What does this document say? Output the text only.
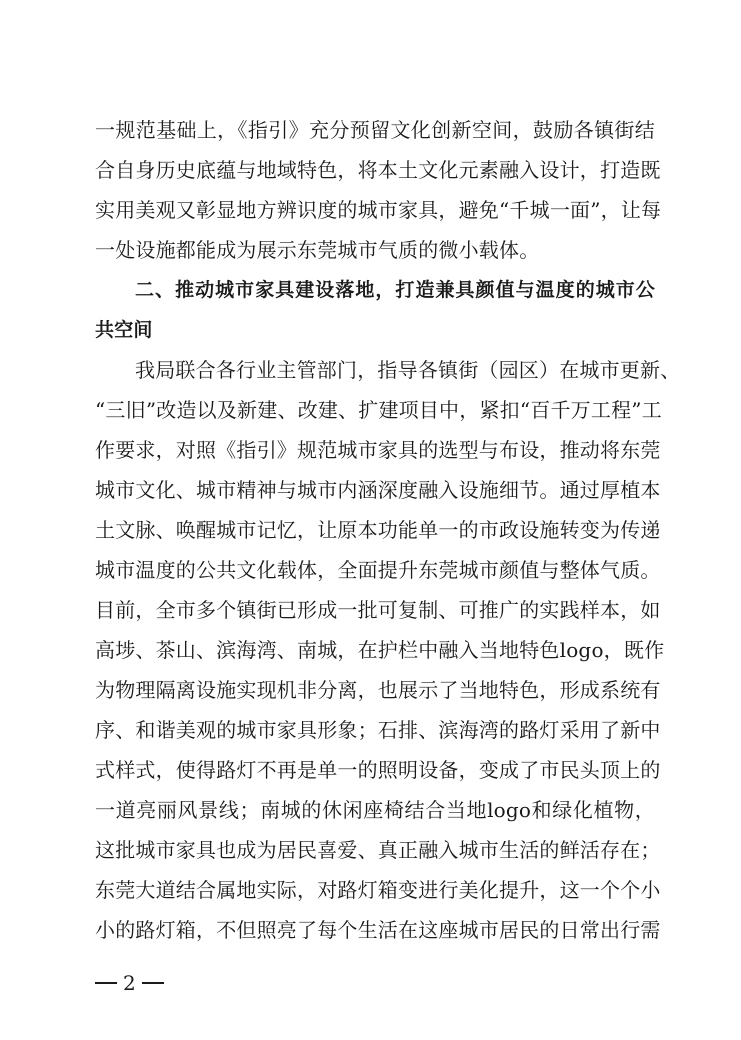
一规范基础上，《指引》充分预留文化创新空间，鼓励各镇街结
合自身历史底蕴与地域特色，将本土文化元素融入设计，打造既
实用美观又彰显地方辨识度的城市家具，避免“千城一面”，让每
一处设施都能成为展示东莞城市气质的微小载体。
二、推动城市家具建设落地，打造兼具颜值与温度的城市公
共空间
我局联合各行业主管部门，指导各镇街（园区）在城市更新、
“三旧”改造以及新建、改建、扩建项目中，紧扣“百千万工程”工
作要求，对照《指引》规范城市家具的选型与布设，推动将东莞
城市文化、城市精神与城市内涵深度融入设施细节。通过厚植本
土文脉、唤醒城市记忆，让原本功能单一的市政设施转变为传递
城市温度的公共文化载体，全面提升东莞城市颜值与整体气质。
目前，全市多个镇街已形成一批可复制、可推广的实践样本，如
高埗、茶山、滨海湾、南城，在护栏中融入当地特色logo，既作
为物理隔离设施实现机非分离，也展示了当地特色，形成系统有
序、和谐美观的城市家具形象；石排、滨海湾的路灯采用了新中
式样式，使得路灯不再是单一的照明设备，变成了市民头顶上的
一道亮丽风景线；南城的休闲座椅结合当地logo和绿化植物，
这批城市家具也成为居民喜爱、真正融入城市生活的鲜活存在；
东莞大道结合属地实际，对路灯箱变进行美化提升，这一个个小
小的路灯箱，不但照亮了每个生活在这座城市居民的日常出行需
2
